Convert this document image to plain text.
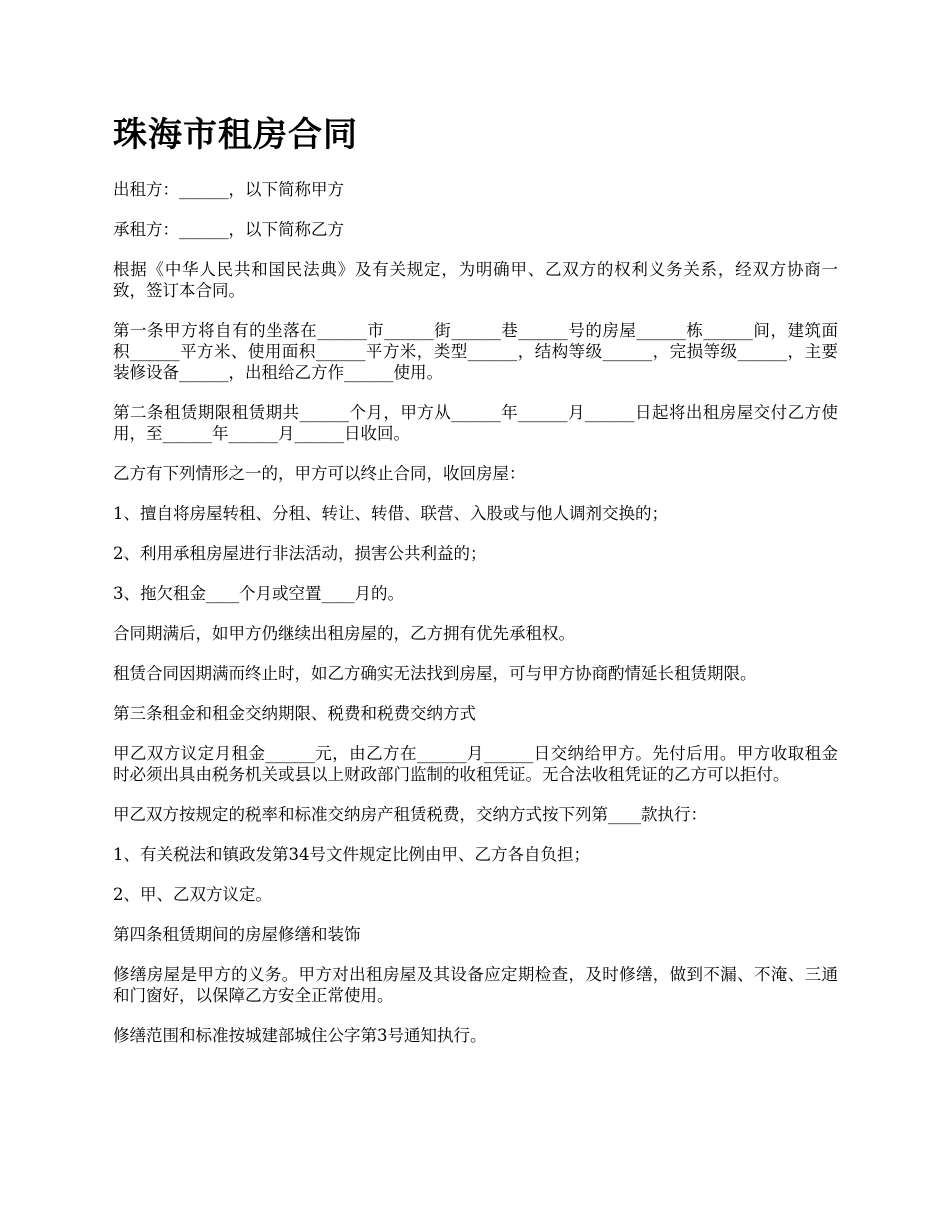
珠海市租房合同

出租方：______，以下简称甲方

承租方：______，以下简称乙方

根据《中华人民共和国民法典》及有关规定，为明确甲、乙双方的权利义务关系，经双方协商一致，签订本合同。

第一条甲方将自有的坐落在______市______街______巷______号的房屋______栋______间，建筑面积______平方米、使用面积______平方米，类型______，结构等级______，完损等级______，主要装修设备______，出租给乙方作______使用。

第二条租赁期限租赁期共______个月，甲方从______年______月______日起将出租房屋交付乙方使用，至______年______月______日收回。

乙方有下列情形之一的，甲方可以终止合同，收回房屋：

1、擅自将房屋转租、分租、转让、转借、联营、入股或与他人调剂交换的；

2、利用承租房屋进行非法活动，损害公共利益的；

3、拖欠租金____个月或空置____月的。

合同期满后，如甲方仍继续出租房屋的，乙方拥有优先承租权。

租赁合同因期满而终止时，如乙方确实无法找到房屋，可与甲方协商酌情延长租赁期限。

第三条租金和租金交纳期限、税费和税费交纳方式

甲乙双方议定月租金______元，由乙方在______月______日交纳给甲方。先付后用。甲方收取租金时必须出具由税务机关或县以上财政部门监制的收租凭证。无合法收租凭证的乙方可以拒付。

甲乙双方按规定的税率和标准交纳房产租赁税费，交纳方式按下列第____款执行：

1、有关税法和镇政发第34号文件规定比例由甲、乙方各自负担；

2、甲、乙双方议定。

第四条租赁期间的房屋修缮和装饰

修缮房屋是甲方的义务。甲方对出租房屋及其设备应定期检查，及时修缮，做到不漏、不淹、三通和门窗好，以保障乙方安全正常使用。

修缮范围和标准按城建部城住公字第3号通知执行。
